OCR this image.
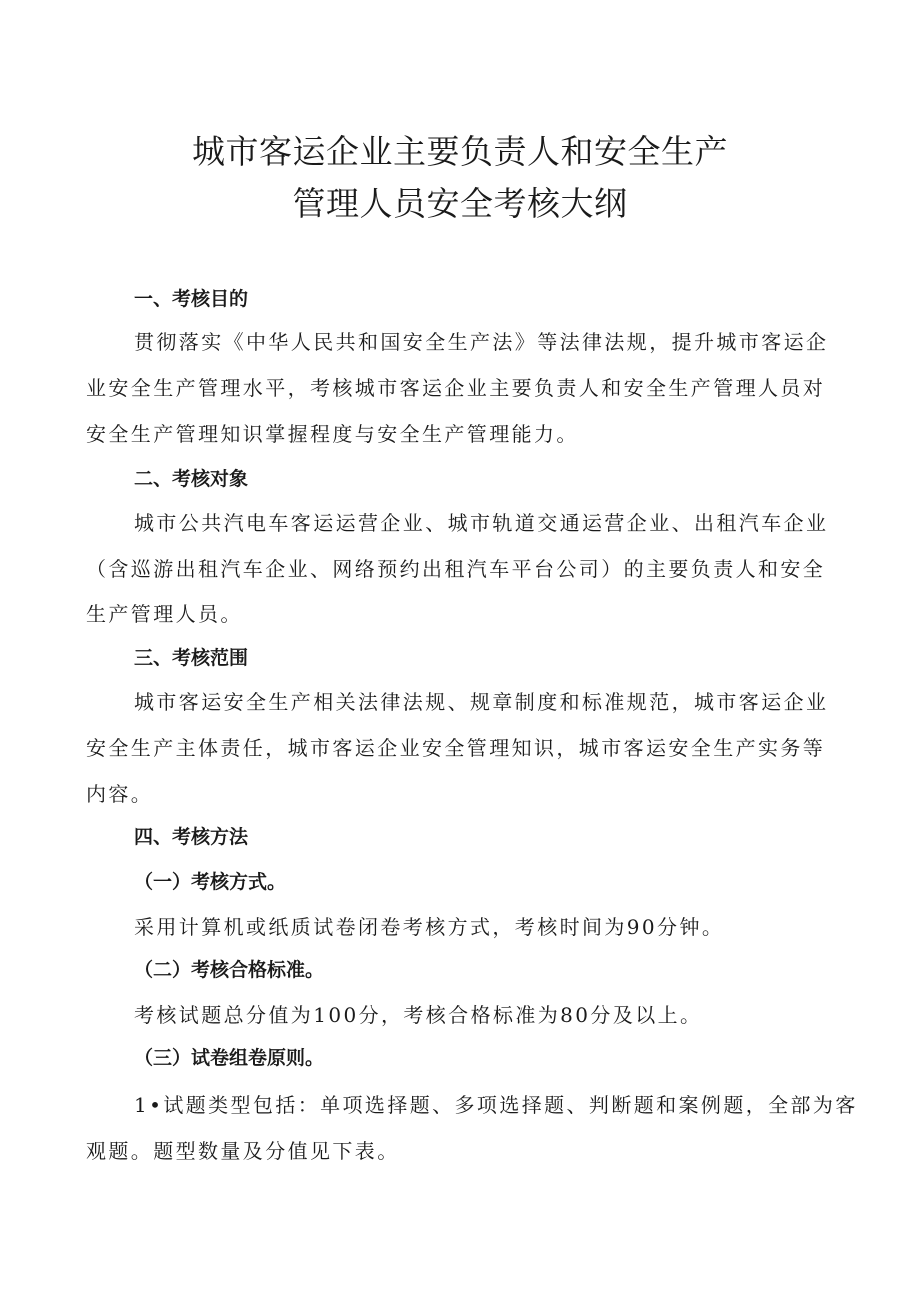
城市客运企业主要负责人和安全生产
管理人员安全考核大纲
一、考核目的

贯彻落实《中华人民共和国安全生产法》等法律法规，提升城市客运企

业安全生产管理水平，考核城市客运企业主要负责人和安全生产管理人员对

安全生产管理知识掌握程度与安全生产管理能力。

二、考核对象

城市公共汽电车客运运营企业、城市轨道交通运营企业、出租汽车企业

（含巡游出租汽车企业、网络预约出租汽车平台公司）的主要负责人和安全

生产管理人员。

三、考核范围

城市客运安全生产相关法律法规、规章制度和标准规范，城市客运企业

安全生产主体责任，城市客运企业安全管理知识，城市客运安全生产实务等

内容。

四、考核方法
（一）考核方式。

采用计算机或纸质试卷闭卷考核方式，考核时间为90分钟。

（二）考核合格标准。

考核试题总分值为100分，考核合格标准为80分及以上。

（三）试卷组卷原则。

1•试题类型包括：单项选择题、多项选择题、判断题和案例题，全部为客

观题。题型数量及分值见下表。
